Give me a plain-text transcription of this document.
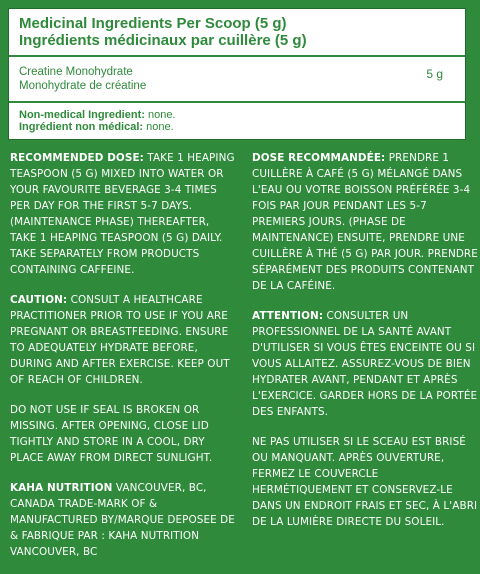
Medicinal Ingredients Per Scoop (5 g)
Ingrédients médicinaux par cuillère (5 g)
Creatine Monohydrate
Monohydrate de créatine
5 g
Non-medical Ingredient: none.
Ingrédient non médical: none.

RECOMMENDED DOSE: TAKE 1 HEAPING TEASPOON (5 G) MIXED INTO WATER OR YOUR FAVOURITE BEVERAGE 3-4 TIMES PER DAY FOR THE FIRST 5-7 DAYS. (MAINTENANCE PHASE) THEREAFTER, TAKE 1 HEAPING TEASPOON (5 G) DAILY. TAKE SEPARATELY FROM PRODUCTS CONTAINING CAFFEINE.

CAUTION: CONSULT A HEALTHCARE PRACTITIONER PRIOR TO USE IF YOU ARE PREGNANT OR BREASTFEEDING. ENSURE TO ADEQUATELY HYDRATE BEFORE, DURING AND AFTER EXERCISE. KEEP OUT OF REACH OF CHILDREN.

DO NOT USE IF SEAL IS BROKEN OR MISSING. AFTER OPENING, CLOSE LID TIGHTLY AND STORE IN A COOL, DRY PLACE AWAY FROM DIRECT SUNLIGHT.

KAHA NUTRITION VANCOUVER, BC, CANADA TRADE-MARK OF & MANUFACTURED BY/MARQUE DEPOSEE DE & FABRIQUE PAR : KAHA NUTRITION VANCOUVER, BC

DOSE RECOMMANDÉE: PRENDRE 1 CUILLÈRE À CAFÉ (5 G) MÉLANGÉ DANS L'EAU OU VOTRE BOISSON PRÉFÉRÉE 3-4 FOIS PAR JOUR PENDANT LES 5-7 PREMIERS JOURS. (PHASE DE MAINTENANCE) ENSUITE, PRENDRE UNE CUILLÈRE À THÉ (5 G) PAR JOUR. PRENDRE SÉPARÉMENT DES PRODUITS CONTENANT DE LA CAFÉINE.

ATTENTION: CONSULTER UN PROFESSIONNEL DE LA SANTÉ AVANT D'UTILISER SI VOUS ÊTES ENCEINTE OU SI VOUS ALLAITEZ. ASSUREZ-VOUS DE BIEN HYDRATER AVANT, PENDANT ET APRÈS L'EXERCICE. GARDER HORS DE LA PORTÉE DES ENFANTS.

NE PAS UTILISER SI LE SCEAU EST BRISÉ OU MANQUANT. APRÈS OUVERTURE, FERMEZ LE COUVERCLE HERMÉTIQUEMENT ET CONSERVEZ-LE DANS UN ENDROIT FRAIS ET SEC, À L'ABRI DE LA LUMIÈRE DIRECTE DU SOLEIL.
